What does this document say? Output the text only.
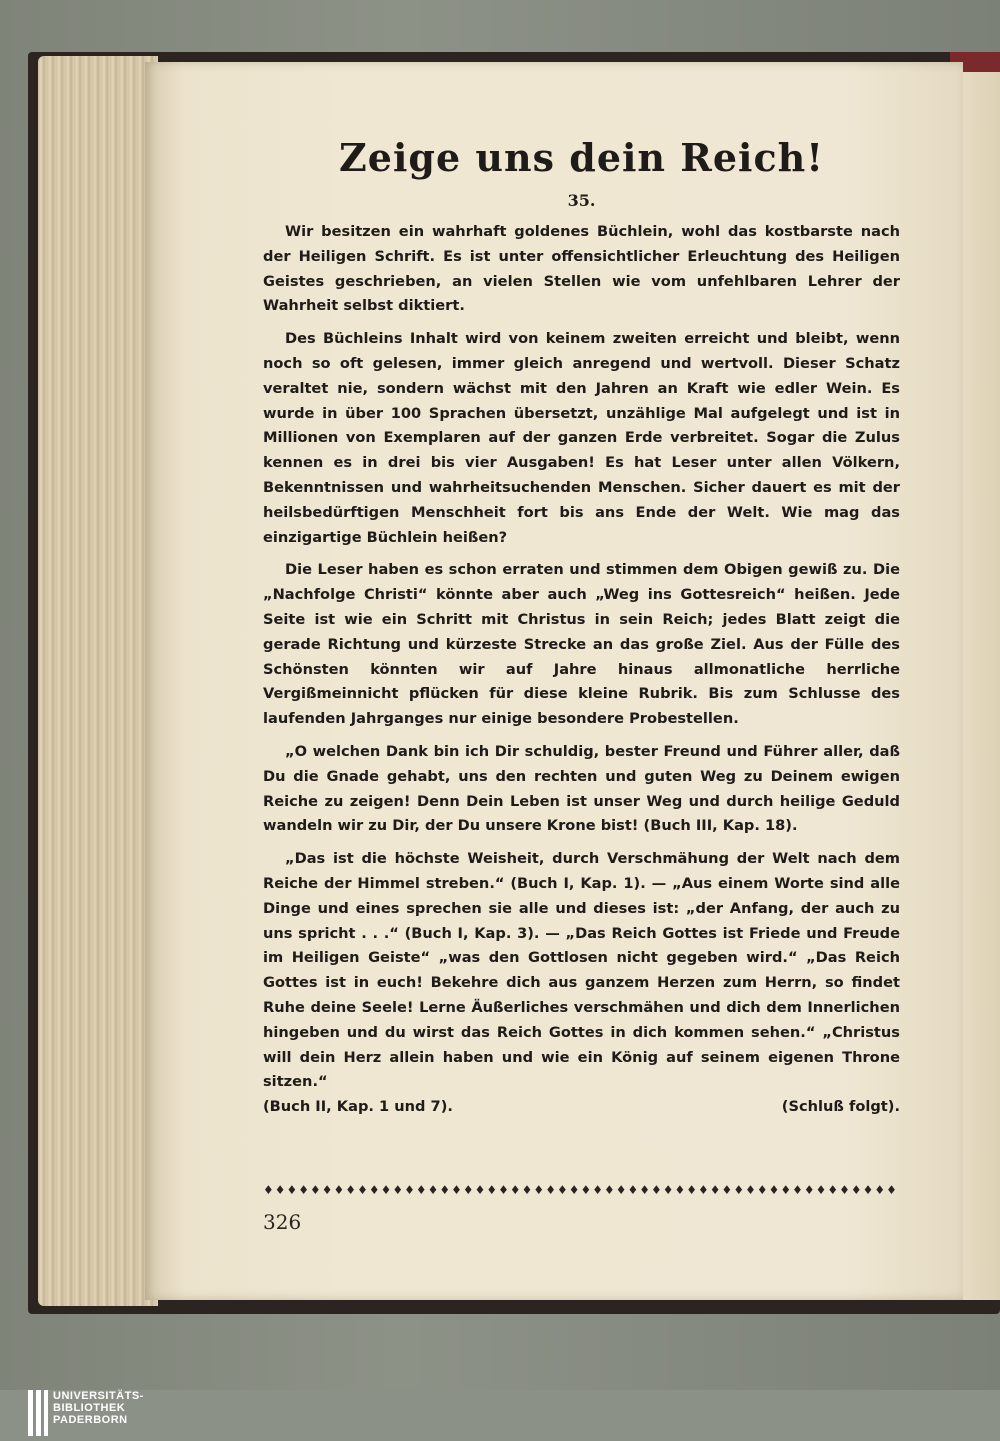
Zeige uns dein Reich!
35.

Wir besitzen ein wahrhaft goldenes Büchlein, wohl das kostbarste nach der Heiligen Schrift. Es ist unter offensichtlicher Erleuchtung des Heiligen Geistes geschrieben, an vielen Stellen wie vom unfehlbaren Lehrer der Wahrheit selbst diktiert.

Des Büchleins Inhalt wird von keinem zweiten erreicht und bleibt, wenn noch so oft gelesen, immer gleich anregend und wertvoll. Dieser Schatz veraltet nie, sondern wächst mit den Jahren an Kraft wie edler Wein. Es wurde in über 100 Sprachen übersetzt, unzählige Mal aufgelegt und ist in Millionen von Exemplaren auf der ganzen Erde verbreitet. Sogar die Zulus kennen es in drei bis vier Ausgaben! Es hat Leser unter allen Völkern, Bekenntnissen und wahrheitsuchenden Menschen. Sicher dauert es mit der heilsbedürftigen Menschheit fort bis ans Ende der Welt. Wie mag das einzigartige Büchlein heißen?

Die Leser haben es schon erraten und stimmen dem Obigen gewiß zu. Die „Nachfolge Christi“ könnte aber auch „Weg ins Gottesreich“ heißen. Jede Seite ist wie ein Schritt mit Christus in sein Reich; jedes Blatt zeigt die gerade Richtung und kürzeste Strecke an das große Ziel. Aus der Fülle des Schönsten könnten wir auf Jahre hinaus allmonatliche herrliche Vergißmeinnicht pflücken für diese kleine Rubrik. Bis zum Schlusse des laufenden Jahrganges nur einige besondere Probestellen.

„O welchen Dank bin ich Dir schuldig, bester Freund und Führer aller, daß Du die Gnade gehabt, uns den rechten und guten Weg zu Deinem ewigen Reiche zu zeigen! Denn Dein Leben ist unser Weg und durch heilige Geduld wandeln wir zu Dir, der Du unsere Krone bist! (Buch III, Kap. 18).

„Das ist die höchste Weisheit, durch Verschmähung der Welt nach dem Reiche der Himmel streben.“ (Buch I, Kap. 1). — „Aus einem Worte sind alle Dinge und eines sprechen sie alle und dieses ist: „der Anfang, der auch zu uns spricht . . .“ (Buch I, Kap. 3). — „Das Reich Gottes ist Friede und Freude im Heiligen Geiste“ „was den Gottlosen nicht gegeben wird.“ „Das Reich Gottes ist in euch! Bekehre dich aus ganzem Herzen zum Herrn, so findet Ruhe deine Seele! Lerne Äußerliches verschmähen und dich dem Innerlichen hingeben und du wirst das Reich Gottes in dich kommen sehen.“ „Christus will dein Herz allein haben und wie ein König auf seinem eigenen Throne sitzen.“

(Buch II, Kap. 1 und 7).	(Schluß folgt).
♦♦♦♦♦♦♦♦♦♦♦♦♦♦♦♦♦♦♦♦♦♦♦♦♦♦♦♦♦♦♦♦♦♦♦♦♦♦♦♦♦♦♦♦♦♦♦♦♦♦♦♦♦♦
326
UNIVERSITÄTS-
BIBLIOTHEK
PADERBORN
